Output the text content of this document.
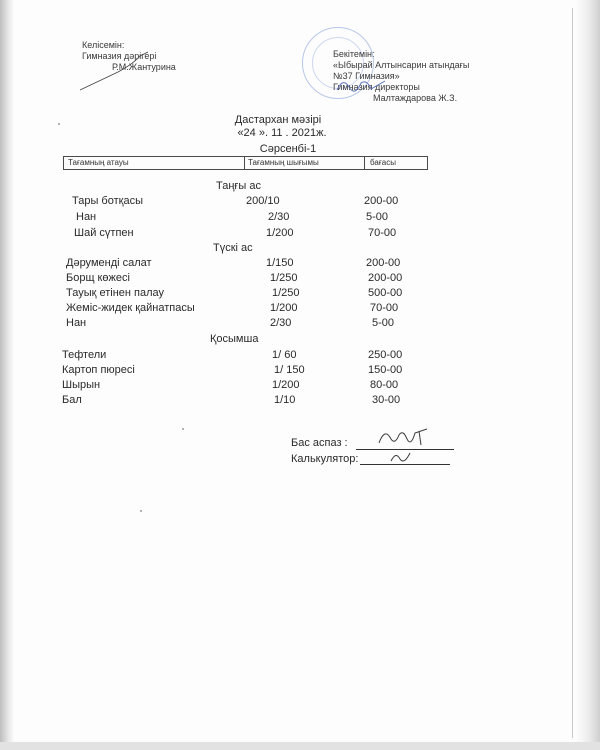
Келісемін:
Гимназия дәрігері
Р.М.Жантурина
Бекітемін:
«Ыбырай Алтынсарин атындағы
№37 Гимназия»
Гимназия директоры
Малтаждарова Ж.З.
Дастархан мәзірі
«24 ». 11 . 2021ж.
Сәрсенбі-1
Тағамның атауы	Тағамның шығымы	бағасы
Таңғы ас
Тары ботқасы	200/10	200-00
Нан	2/30	5-00
Шай сүтпен	1/200	70-00
Түскі ас
Дәрумендi салат	1/150	200-00
Борщ көжесі	1/250	200-00
Тауық етінен палау	1/250	500-00
Жеміс-жидек қайнатпасы	1/200	70-00
Нан	2/30	5-00
Қосымша
Тефтели	1/ 60	250-00
Картоп пюресі	1/ 150	150-00
Шырын	1/200	80-00
Бал	1/10	30-00
Бас аспаз :
Калькулятор:
